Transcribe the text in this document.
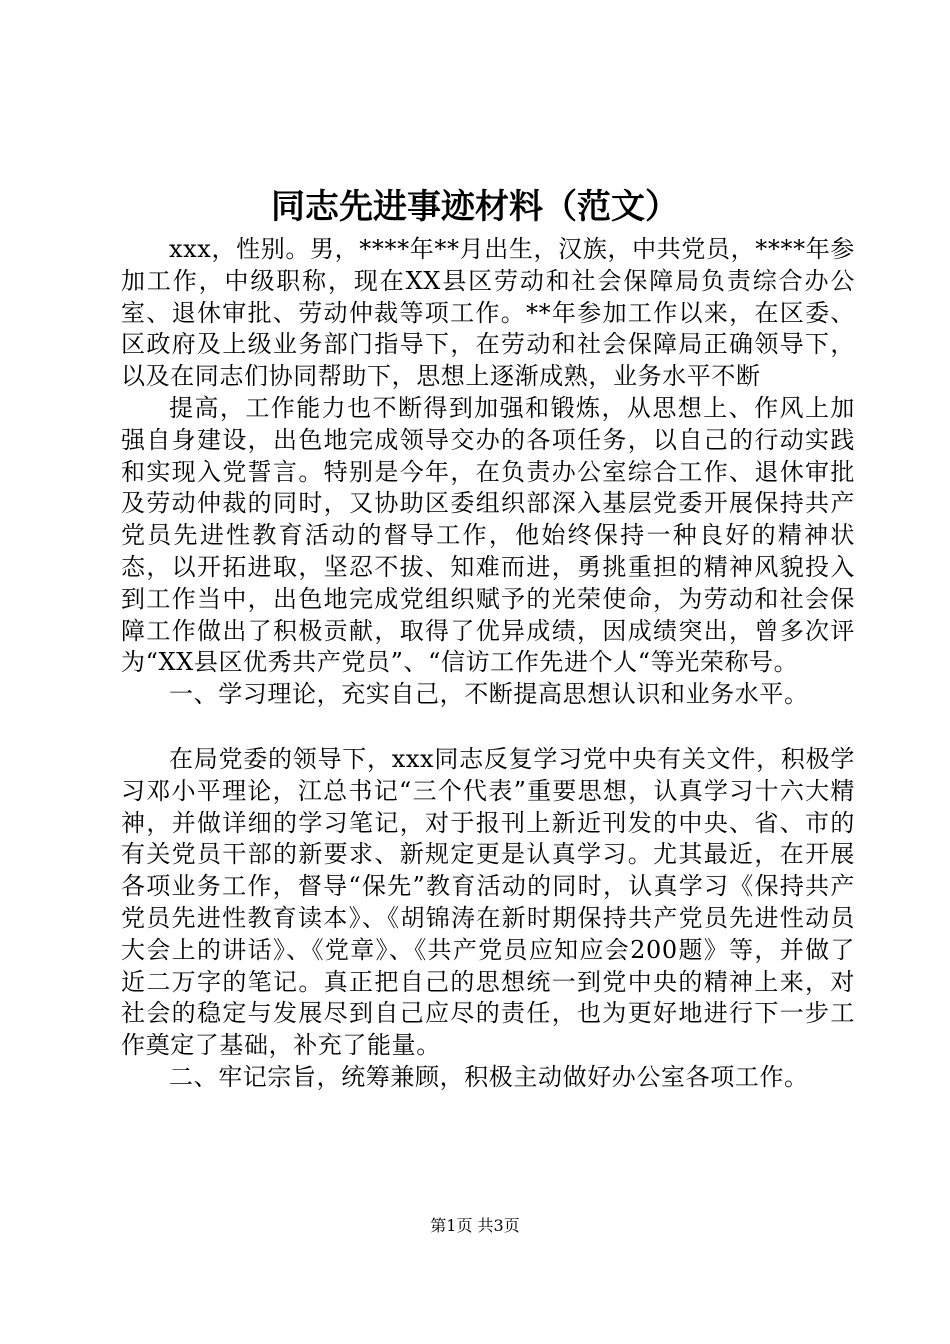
同志先进事迹材料（范文）

xxx，性别。男，****年**月出生，汉族，中共党员，****年参加工作，中级职称，现在XX县区劳动和社会保障局负责综合办公室、退休审批、劳动仲裁等项工作。**年参加工作以来，在区委、区政府及上级业务部门指导下，在劳动和社会保障局正确领导下，以及在同志们协同帮助下，思想上逐渐成熟，业务水平不断

提高，工作能力也不断得到加强和锻炼，从思想上、作风上加强自身建设，出色地完成领导交办的各项任务，以自己的行动实践和实现入党誓言。特别是今年，在负责办公室综合工作、退休审批及劳动仲裁的同时，又协助区委组织部深入基层党委开展保持共产党员先进性教育活动的督导工作，他始终保持一种良好的精神状态，以开拓进取，坚忍不拔、知难而进，勇挑重担的精神风貌投入到工作当中，出色地完成党组织赋予的光荣使命，为劳动和社会保障工作做出了积极贡献，取得了优异成绩，因成绩突出，曾多次评为“XX县区优秀共产党员”、“信访工作先进个人“等光荣称号。

一、学习理论，充实自己，不断提高思想认识和业务水平。

在局党委的领导下，xxx同志反复学习党中央有关文件，积极学习邓小平理论，江总书记“三个代表”重要思想，认真学习十六大精神，并做详细的学习笔记，对于报刊上新近刊发的中央、省、市的有关党员干部的新要求、新规定更是认真学习。尤其最近，在开展各项业务工作，督导“保先”教育活动的同时，认真学习《保持共产党员先进性教育读本》、《胡锦涛在新时期保持共产党员先进性动员大会上的讲话》、《党章》、《共产党员应知应会200题》等，并做了近二万字的笔记。真正把自己的思想统一到党中央的精神上来，对社会的稳定与发展尽到自己应尽的责任，也为更好地进行下一步工作奠定了基础，补充了能量。

二、牢记宗旨，统筹兼顾，积极主动做好办公室各项工作。

第1页 共3页
